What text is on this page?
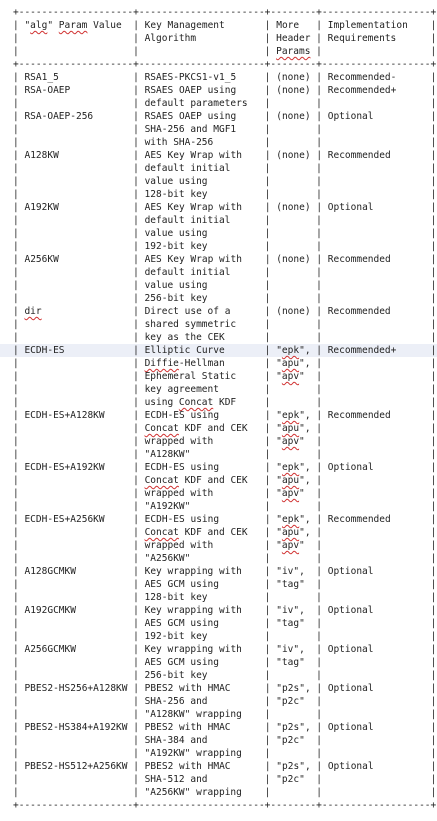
+--------------------+----------------------+--------+-------------------+
| "alg" Param Value  | Key Management       | More   | Implementation    |
|                    | Algorithm            | Header | Requirements      |
|                    |                      | Params |                   |
+--------------------+----------------------+--------+-------------------+
| RSA1_5             | RSAES-PKCS1-v1_5     | (none) | Recommended-      |
| RSA-OAEP           | RSAES OAEP using     | (none) | Recommended+      |
|                    | default parameters   |        |                   |
| RSA-OAEP-256       | RSAES OAEP using     | (none) | Optional          |
|                    | SHA-256 and MGF1     |        |                   |
|                    | with SHA-256         |        |                   |
| A128KW             | AES Key Wrap with    | (none) | Recommended       |
|                    | default initial      |        |                   |
|                    | value using          |        |                   |
|                    | 128-bit key          |        |                   |
| A192KW             | AES Key Wrap with    | (none) | Optional          |
|                    | default initial      |        |                   |
|                    | value using          |        |                   |
|                    | 192-bit key          |        |                   |
| A256KW             | AES Key Wrap with    | (none) | Recommended       |
|                    | default initial      |        |                   |
|                    | value using          |        |                   |
|                    | 256-bit key          |        |                   |
| dir                | Direct use of a      | (none) | Recommended       |
|                    | shared symmetric     |        |                   |
|                    | key as the CEK       |        |                   |
| ECDH-ES            | Elliptic Curve       | "epk", | Recommended+      |
|                    | Diffie-Hellman       | "apu", |                   |
|                    | Ephemeral Static     | "apv"  |                   |
|                    | key agreement        |        |                   |
|                    | using Concat KDF     |        |                   |
| ECDH-ES+A128KW     | ECDH-ES using        | "epk", | Recommended       |
|                    | Concat KDF and CEK   | "apu", |                   |
|                    | wrapped with         | "apv"  |                   |
|                    | "A128KW"             |        |                   |
| ECDH-ES+A192KW     | ECDH-ES using        | "epk", | Optional          |
|                    | Concat KDF and CEK   | "apu", |                   |
|                    | wrapped with         | "apv"  |                   |
|                    | "A192KW"             |        |                   |
| ECDH-ES+A256KW     | ECDH-ES using        | "epk", | Recommended       |
|                    | Concat KDF and CEK   | "apu", |                   |
|                    | wrapped with         | "apv"  |                   |
|                    | "A256KW"             |        |                   |
| A128GCMKW          | Key wrapping with    | "iv",  | Optional          |
|                    | AES GCM using        | "tag"  |                   |
|                    | 128-bit key          |        |                   |
| A192GCMKW          | Key wrapping with    | "iv",  | Optional          |
|                    | AES GCM using        | "tag"  |                   |
|                    | 192-bit key          |        |                   |
| A256GCMKW          | Key wrapping with    | "iv",  | Optional          |
|                    | AES GCM using        | "tag"  |                   |
|                    | 256-bit key          |        |                   |
| PBES2-HS256+A128KW | PBES2 with HMAC      | "p2s", | Optional          |
|                    | SHA-256 and          | "p2c"  |                   |
|                    | "A128KW" wrapping    |        |                   |
| PBES2-HS384+A192KW | PBES2 with HMAC      | "p2s", | Optional          |
|                    | SHA-384 and          | "p2c"  |                   |
|                    | "A192KW" wrapping    |        |                   |
| PBES2-HS512+A256KW | PBES2 with HMAC      | "p2s", | Optional          |
|                    | SHA-512 and          | "p2c"  |                   |
|                    | "A256KW" wrapping    |        |                   |
+--------------------+----------------------+--------+-------------------+
